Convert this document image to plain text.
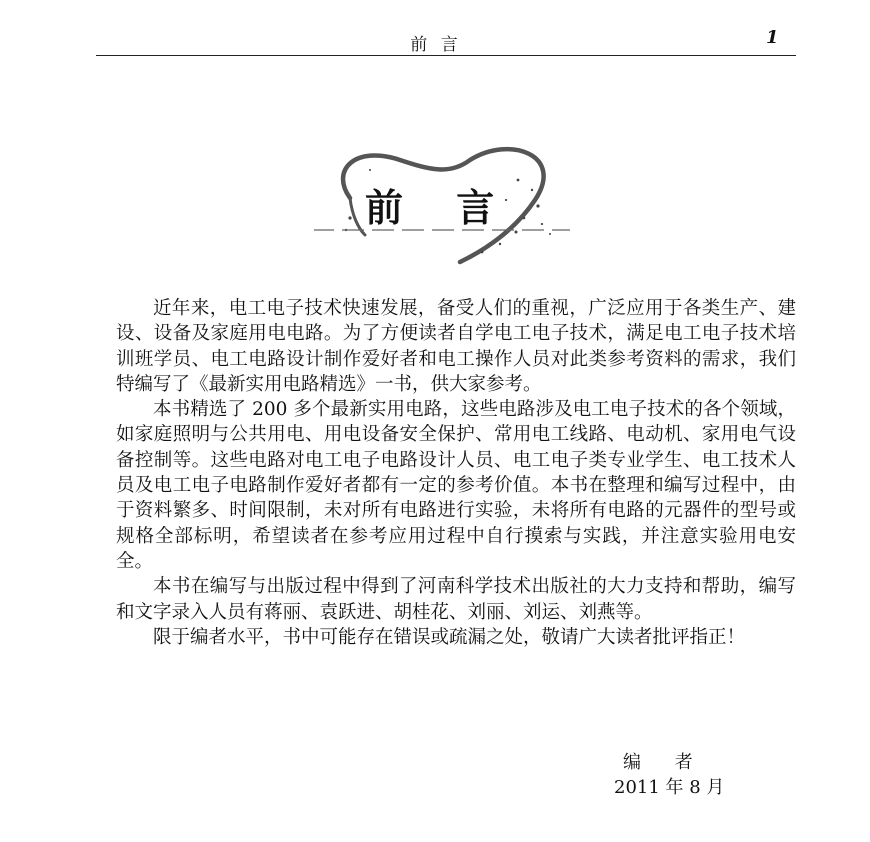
前 言	1
前 言

近年来，电工电子技术快速发展，备受人们的重视，广泛应用于各类生产、建设、设备及家庭用电电路。为了方便读者自学电工电子技术，满足电工电子技术培训班学员、电工电路设计制作爱好者和电工操作人员对此类参考资料的需求，我们特编写了《最新实用电路精选》一书，供大家参考。

本书精选了 200 多个最新实用电路，这些电路涉及电工电子技术的各个领域，如家庭照明与公共用电、用电设备安全保护、常用电工线路、电动机、家用电气设备控制等。这些电路对电工电子电路设计人员、电工电子类专业学生、电工技术人员及电工电子电路制作爱好者都有一定的参考价值。本书在整理和编写过程中，由于资料繁多、时间限制，未对所有电路进行实验，未将所有电路的元器件的型号或规格全部标明，希望读者在参考应用过程中自行摸索与实践，并注意实验用电安全。

本书在编写与出版过程中得到了河南科学技术出版社的大力支持和帮助，编写和文字录入人员有蒋丽、袁跃进、胡桂花、刘丽、刘运、刘燕等。

限于编者水平，书中可能存在错误或疏漏之处，敬请广大读者批评指正！

编 者
2011 年 8 月
